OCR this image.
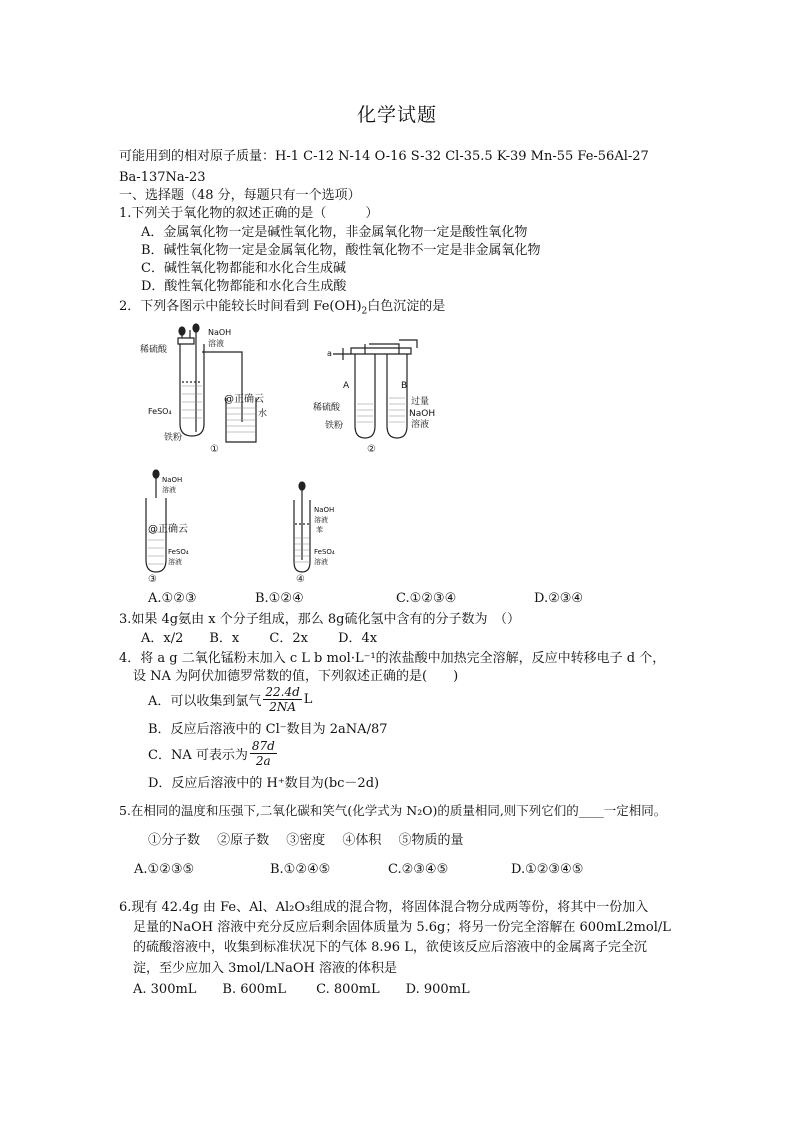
化学试题
可能用到的相对原子质量：H-1 C-12 N-14 O-16 S-32 Cl-35.5 K-39 Mn-55 Fe-56Al-27
Ba-137Na-23
一、选择题（48 分，每题只有一个选项）
1.下列关于氧化物的叙述正确的是（　　　）
A．金属氧化物一定是碱性氧化物，非金属氧化物一定是酸性氧化物
B．碱性氧化物一定是金属氧化物，酸性氧化物不一定是非金属氧化物
C．碱性氧化物都能和水化合生成碱
D．酸性氧化物都能和水化合生成酸
2．下列各图示中能较长时间看到 $Fe(OH)_2$白色沉淀的是
NaOH
溶液
稀硫酸
@正确云
水
FeSO₄
铁粉
①
a
A	B
稀硫酸
铁粉
过量
NaOH
溶液
②
NaOH
溶液
@正确云
FeSO₄
溶液
③
NaOH
溶液
苯
FeSO₄
溶液
④
A.①②③	B.①②④	C.①②③④	D.②③④
3.如果 4g氨由 x 个分子组成，那么 8g硫化氢中含有的分子数为　（）
A．x/2　　B．x　　 C．2x　　 D．4x
4．将 a g 二氧化锰粉末加入 c L b mol·L⁻¹的浓盐酸中加热完全溶解，反应中转移电子 d 个，
设 NA 为阿伏加德罗常数的值，下列叙述正确的是(　　)
A．可以收集到氯气 $\frac{22.4d}{2NA}$ L
B．反应后溶液中的 Cl⁻数目为 2aNA/87
C．NA 可表示为 $\frac{87d}{2a}$
D．反应后溶液中的 H⁺数目为(bc－2d)
5.在相同的温度和压强下,二氧化碳和笑气(化学式为 N₂O)的质量相同,则下列它们的____一定相同。
①分子数　 ②原子数　 ③密度　 ④体积　 ⑤物质的量
A.①②③⑤	B.①②④⑤	C.②③④⑤	D.①②③④⑤
6.现有 42.4g 由 Fe、Al、Al₂O₃组成的混合物，将固体混合物分成两等份，将其中一份加入
足量的NaOH 溶液中充分反应后剩余固体质量为 5.6g；将另一份完全溶解在 600mL2mol/L
的硫酸溶液中，收集到标准状况下的气体 8.96 L，欲使该反应后溶液中的金属离子完全沉
淀，至少应加入 3mol/LNaOH 溶液的体积是
A. 300mL　　B. 600mL　　 C. 800mL　　D. 900mL
